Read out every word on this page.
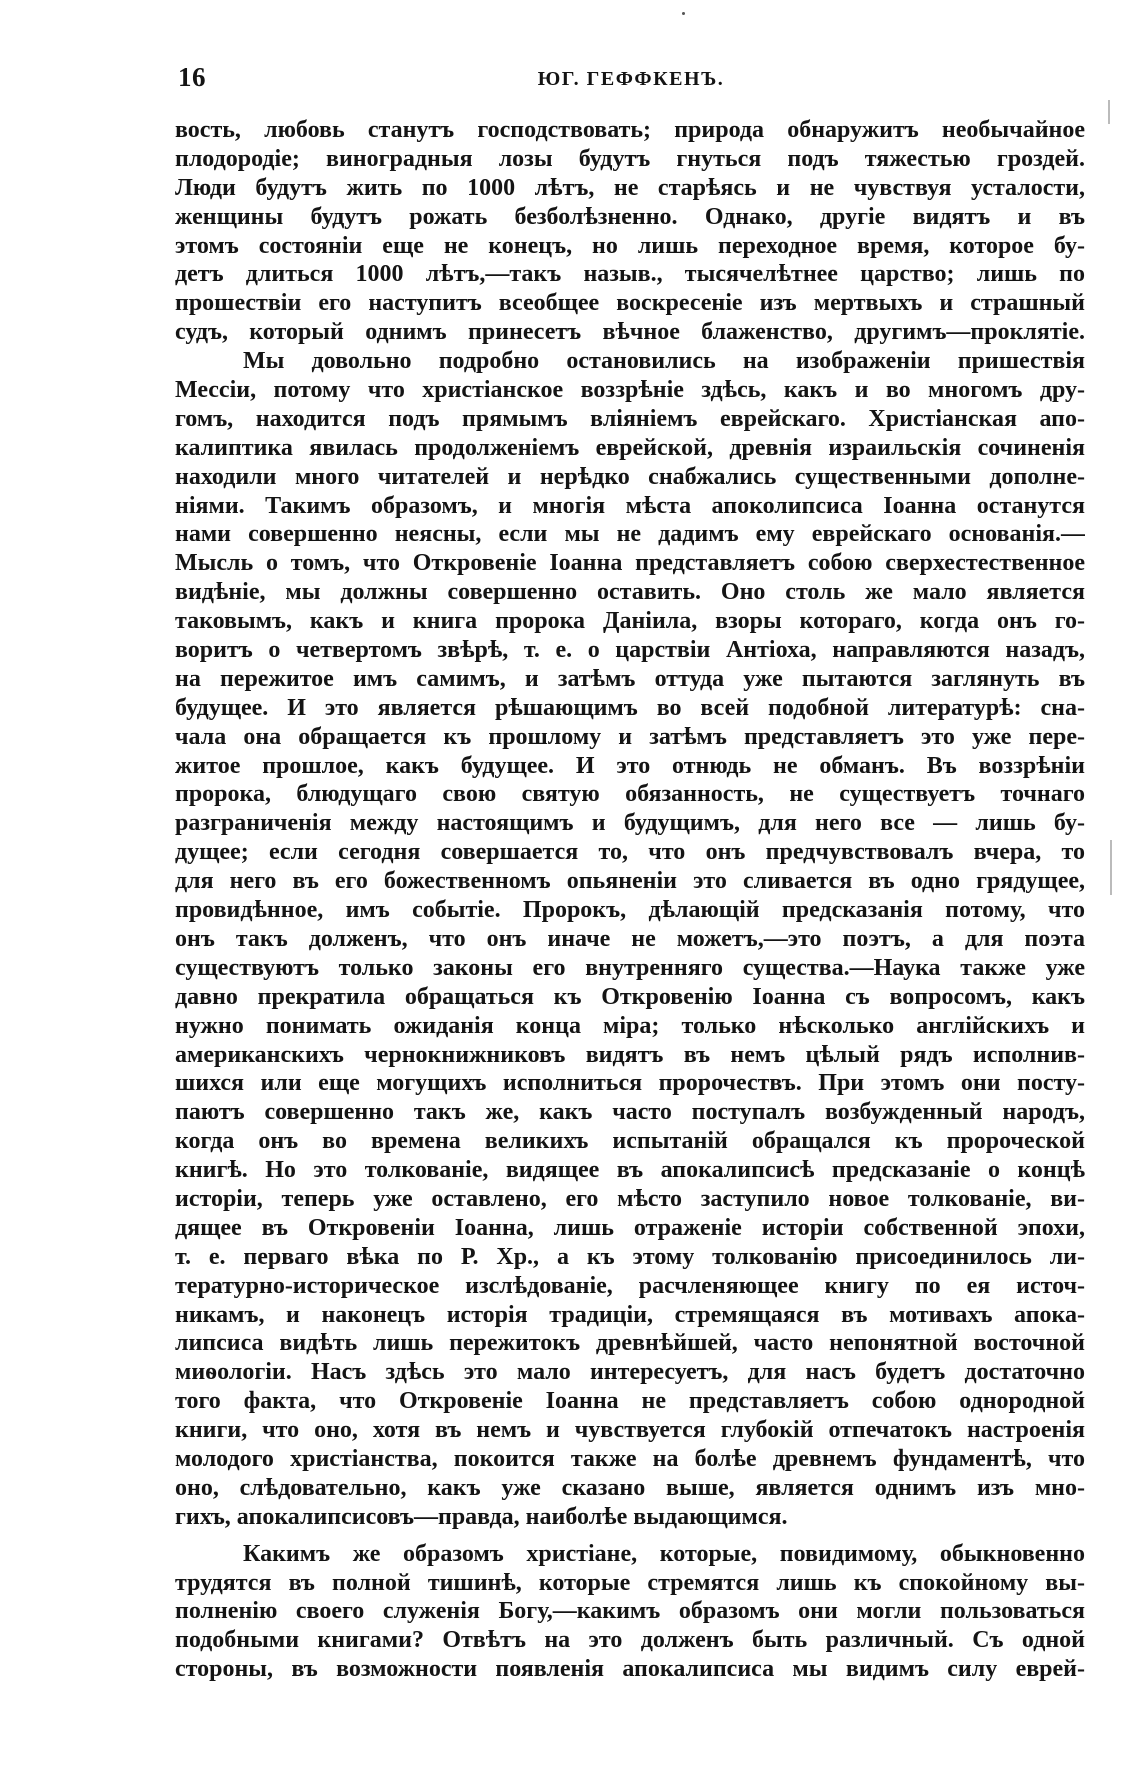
16	ЮГ. ГЕФФКЕНЪ.
вость, любовь станутъ господствовать; природа обнаружитъ необычайное
плодородіе; виноградныя лозы будутъ гнуться подъ тяжестью гроздей.
Люди будутъ жить по 1000 лѣтъ, не старѣясь и не чувствуя усталости,
женщины будутъ рожать безболѣзненно. Однако, другіе видятъ и въ
этомъ состояніи еще не конецъ, но лишь переходное время, которое бу-
детъ длиться 1000 лѣтъ,—такъ назыв., тысячелѣтнее царство; лишь по
прошествіи его наступитъ всеобщее воскресеніе изъ мертвыхъ и страшный
судъ, который однимъ принесетъ вѣчное блаженство, другимъ—проклятіе.
Мы довольно подробно остановились на изображеніи пришествія
Мессіи, потому что христіанское воззрѣніе здѣсь, какъ и во многомъ дру-
гомъ, находится подъ прямымъ вліяніемъ еврейскаго. Христіанская апо-
калиптика явилась продолженіемъ еврейской, древнія израильскія сочиненія
находили много читателей и нерѣдко снабжались существенными дополне-
ніями. Такимъ образомъ, и многія мѣста апоколипсиса Іоанна останутся
нами совершенно неясны, если мы не дадимъ ему еврейскаго основанія.—
Мысль о томъ, что Откровеніе Іоанна представляетъ собою сверхестественное
видѣніе, мы должны совершенно оставить. Оно столь же мало является
таковымъ, какъ и книга пророка Даніила, взоры котораго, когда онъ го-
воритъ о четвертомъ звѣрѣ, т. е. о царствіи Антіоха, направляются назадъ,
на пережитое имъ самимъ, и затѣмъ оттуда уже пытаются заглянуть въ
будущее. И это является рѣшающимъ во всей подобной литературѣ: сна-
чала она обращается къ прошлому и затѣмъ представляетъ это уже пере-
житое прошлое, какъ будущее. И это отнюдь не обманъ. Въ воззрѣніи
пророка, блюдущаго свою святую обязанность, не существуетъ точнаго
разграниченія между настоящимъ и будущимъ, для него все — лишь бу-
дущее; если сегодня совершается то, что онъ предчувствовалъ вчера, то
для него въ его божественномъ опьяненіи это сливается въ одно грядущее,
провидѣнное, имъ событіе. Пророкъ, дѣлающій предсказанія потому, что
онъ такъ долженъ, что онъ иначе не можетъ,—это поэтъ, а для поэта
существуютъ только законы его внутренняго существа.—Наука также уже
давно прекратила обращаться къ Откровенію Іоанна съ вопросомъ, какъ
нужно понимать ожиданія конца міра; только нѣсколько англійскихъ и
американскихъ чернокнижниковъ видятъ въ немъ цѣлый рядъ исполнив-
шихся или еще могущихъ исполниться пророчествъ. При этомъ они посту-
паютъ совершенно такъ же, какъ часто поступалъ возбужденный народъ,
когда онъ во времена великихъ испытаній обращался къ пророческой
книгѣ. Но это толкованіе, видящее въ апокалипсисѣ предсказаніе о концѣ
исторіи, теперь уже оставлено, его мѣсто заступило новое толкованіе, ви-
дящее въ Откровеніи Іоанна, лишь отраженіе исторіи собственной эпохи,
т. е. перваго вѣка по Р. Хр., а къ этому толкованію присоединилось ли-
тературно-историческое изслѣдованіе, расчленяющее книгу по ея источ-
никамъ, и наконецъ исторія традиціи, стремящаяся въ мотивахъ апока-
липсиса видѣть лишь пережитокъ древнѣйшей, часто непонятной восточной
миѳологіи. Насъ здѣсь это мало интересуетъ, для насъ будетъ достаточно
того факта, что Откровеніе Іоанна не представляетъ собою однородной
книги, что оно, хотя въ немъ и чувствуется глубокій отпечатокъ настроенія
молодого христіанства, покоится также на болѣе древнемъ фундаментѣ, что
оно, слѣдовательно, какъ уже сказано выше, является однимъ изъ мно-
гихъ, апокалипсисовъ—правда, наиболѣе выдающимся.
Какимъ же образомъ христіане, которые, повидимому, обыкновенно
трудятся въ полной тишинѣ, которые стремятся лишь къ спокойному вы-
полненію своего служенія Богу,—какимъ образомъ они могли пользоваться
подобными книгами? Отвѣтъ на это долженъ быть различный. Съ одной
стороны, въ возможности появленія апокалипсиса мы видимъ силу еврей-
